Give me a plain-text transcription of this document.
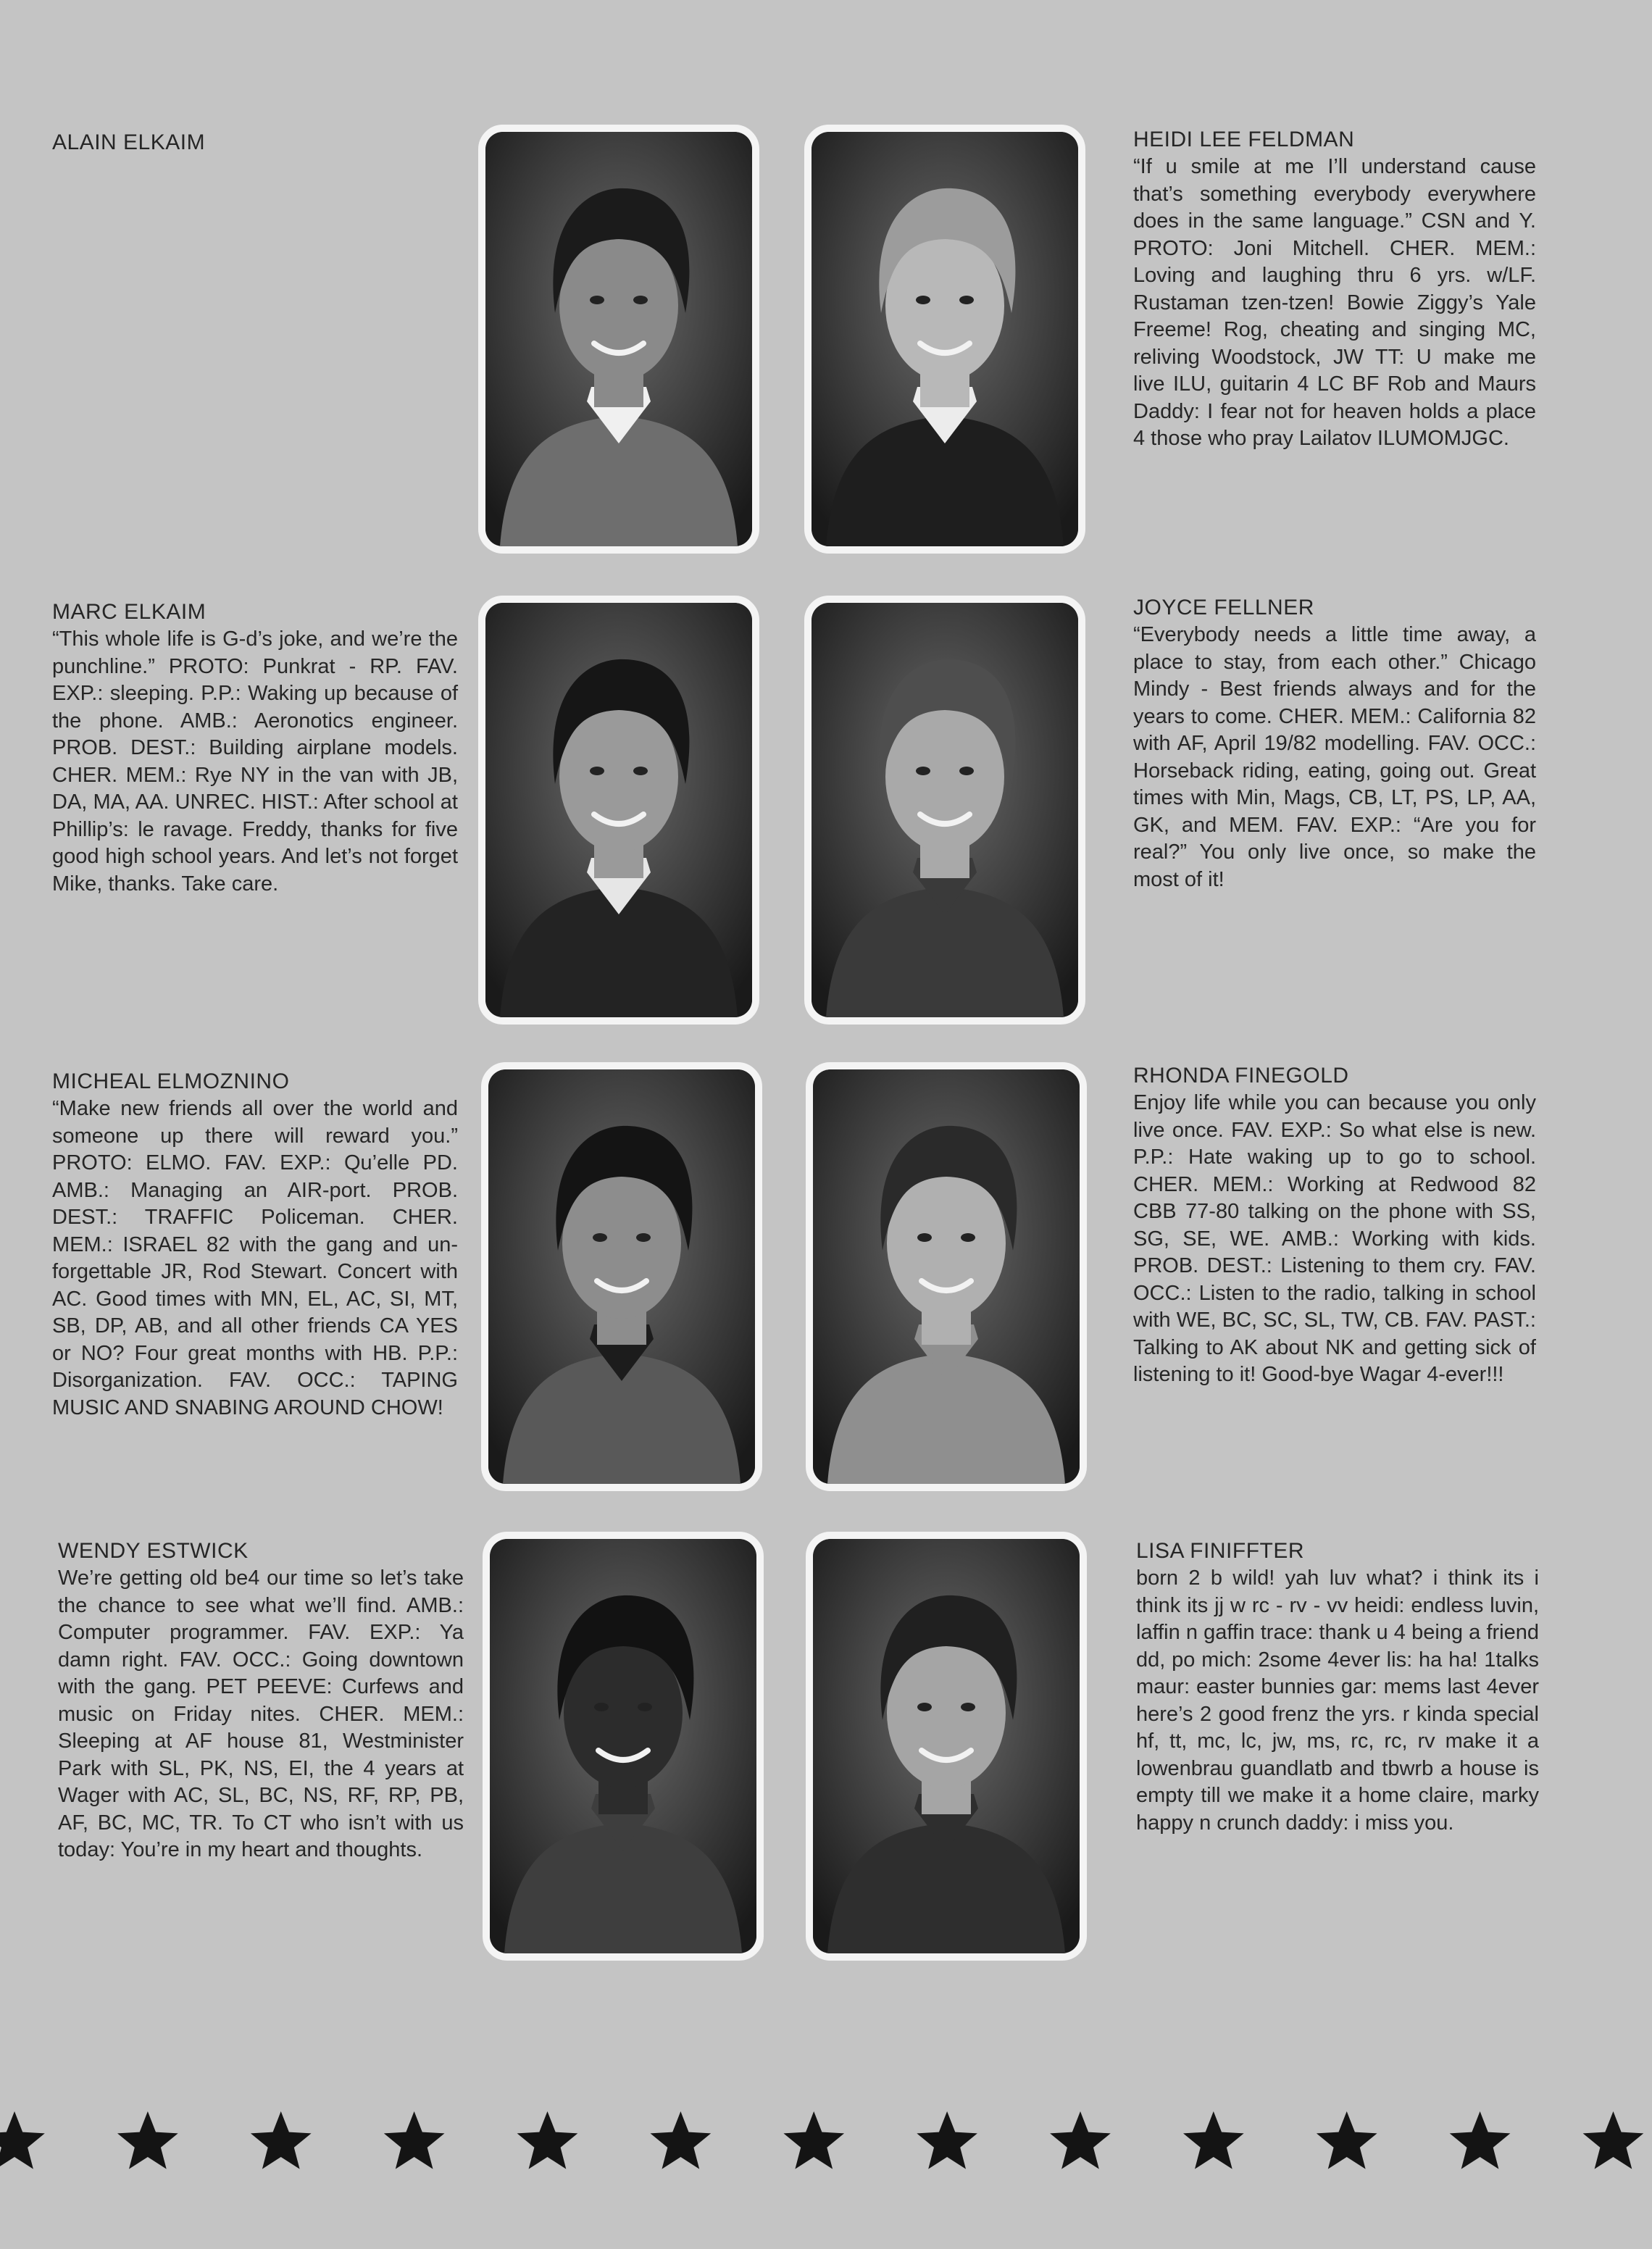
ALAIN ELKAIM	HEIDI LEE FELDMAN

“If u smile at me I’ll understand cause that’s something everybody everywhere does in the same language.” CSN and Y. PROTO: Joni Mitchell. CHER. MEM.: Loving and laughing thru 6 yrs. w/LF. Rustaman tzen-tzen! Bowie Ziggy’s Yale Freeme! Rog, cheating and singing MC, reliving Woodstock, JW TT: U make me live ILU, guitarin 4 LC BF Rob and Maurs Daddy: I fear not for heaven holds a place 4 those who pray Lailatov ILUMOMJGC.

MARC ELKAIM

“This whole life is G-d’s joke, and we’re the punchline.” PROTO: Punkrat - RP. FAV. EXP.: sleeping. P.P.: Waking up because of the phone. AMB.: Aeronotics engineer. PROB. DEST.: Building airplane models. CHER. MEM.: Rye NY in the van with JB, DA, MA, AA. UNREC. HIST.: After school at Phillip’s: le ravage. Freddy, thanks for five good high school years. And let’s not forget Mike, thanks. Take care.

JOYCE FELLNER

“Everybody needs a little time away, a place to stay, from each other.” Chicago Mindy - Best friends always and for the years to come. CHER. MEM.: California 82 with AF, April 19/82 modelling. FAV. OCC.: Horseback riding, eating, going out. Great times with Min, Mags, CB, LT, PS, LP, AA, GK, and MEM. FAV. EXP.: “Are you for real?” You only live once, so make the most of it!

MICHEAL ELMOZNINO

“Make new friends all over the world and someone up there will reward you.” PROTO: ELMO. FAV. EXP.: Qu’elle PD. AMB.: Managing an AIR-port. PROB. DEST.: TRAFFIC Policeman. CHER. MEM.: ISRAEL 82 with the gang and un-forgettable JR, Rod Stewart. Concert with AC. Good times with MN, EL, AC, SI, MT, SB, DP, AB, and all other friends CA YES or NO? Four great months with HB. P.P.: Disorganization. FAV. OCC.: TAPING MUSIC AND SNABING AROUND CHOW!

RHONDA FINEGOLD

Enjoy life while you can because you only live once. FAV. EXP.: So what else is new. P.P.: Hate waking up to go to school. CHER. MEM.: Working at Redwood 82 CBB 77-80 talking on the phone with SS, SG, SE, WE. AMB.: Working with kids. PROB. DEST.: Listening to them cry. FAV. OCC.: Listen to the radio, talking in school with WE, BC, SC, SL, TW, CB. FAV. PAST.: Talking to AK about NK and getting sick of listening to it! Good-bye Wagar 4-ever!!!

WENDY ESTWICK

We’re getting old be4 our time so let’s take the chance to see what we’ll find. AMB.: Computer programmer. FAV. EXP.: Ya damn right. FAV. OCC.: Going downtown with the gang. PET PEEVE: Curfews and music on Friday nites. CHER. MEM.: Sleeping at AF house 81, Westminister Park with SL, PK, NS, EI, the 4 years at Wager with AC, SL, BC, NS, RF, RP, PB, AF, BC, MC, TR. To CT who isn’t with us today: You’re in my heart and thoughts.

LISA FINIFFTER

born 2 b wild! yah luv what? i think its i think its jj w rc - rv - vv heidi: endless luvin, laffin n gaffin trace: thank u 4 being a friend dd, po mich: 2some 4ever lis: ha ha! 1talks maur: easter bunnies gar: mems last 4ever here’s 2 good frenz the yrs. r kinda special hf, tt, mc, lc, jw, ms, rc, rc, rv make it a lowenbrau guandlatb and tbwrb a house is empty till we make it a home claire, marky happy n crunch daddy: i miss you.
